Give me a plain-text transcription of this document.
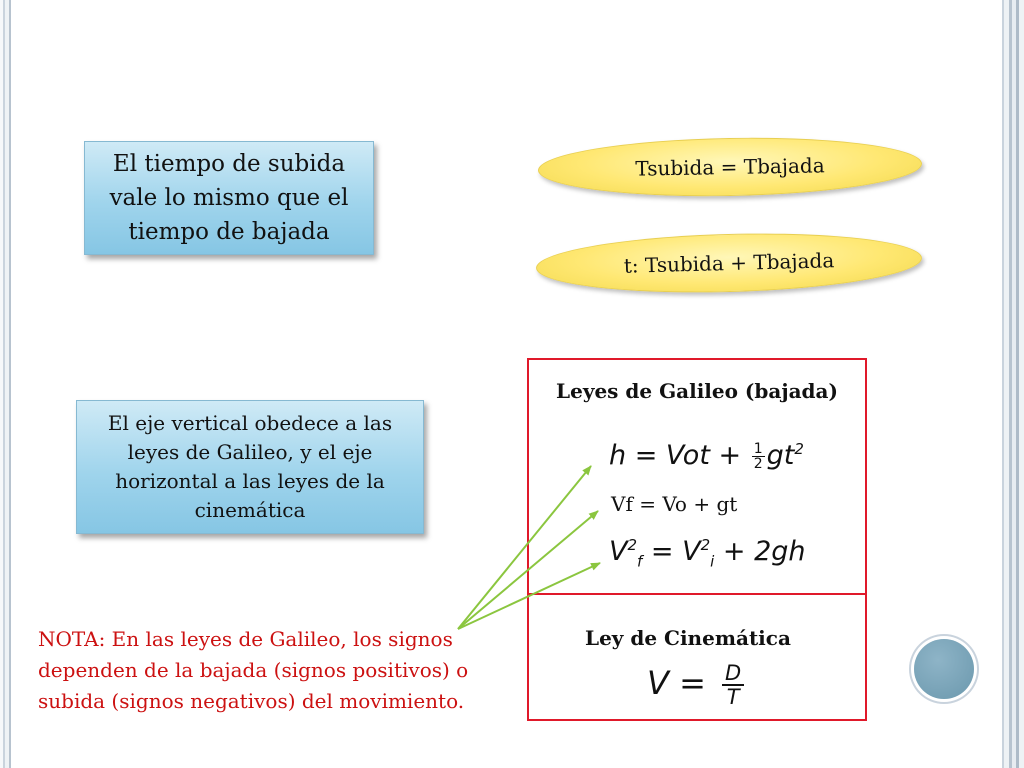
El tiempo de subida vale lo mismo que el tiempo de bajada
El eje vertical obedece a las leyes de Galileo, y el eje horizontal a las leyes de la cinemática
Tsubida = Tbajada
t: Tsubida + Tbajada
Leyes de Galileo (bajada)
h = Vot + $\frac{1}{2} gt^2$
Vf = Vo + gt
$V^2_f = V^2_i + 2gh$
Ley de Cinemática
$V = \frac{D}{T}$
NOTA: En las leyes de Galileo, los signos dependen de la bajada (signos positivos) o subida (signos negativos) del movimiento.
